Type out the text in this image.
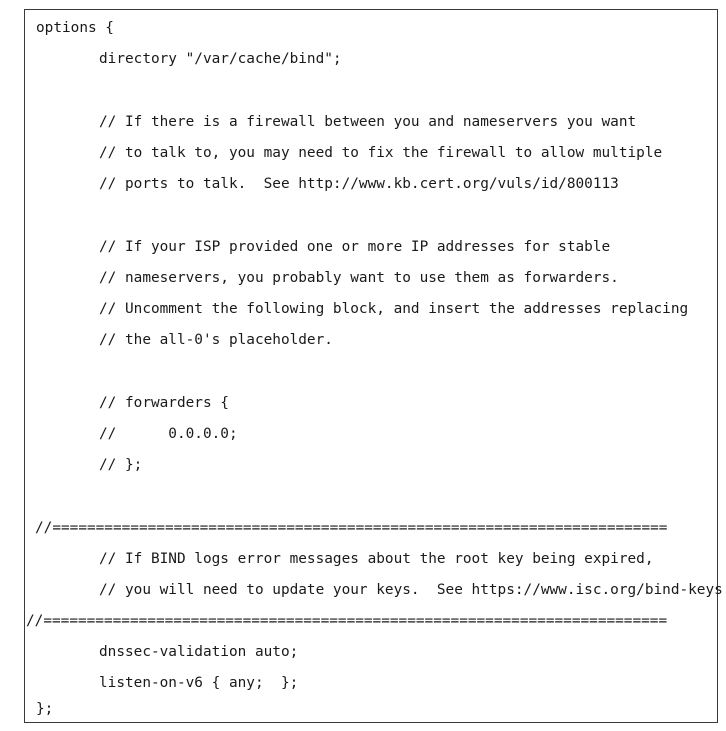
options {
directory "/var/cache/bind";
// If there is a firewall between you and nameservers you want
// to talk to, you may need to fix the firewall to allow multiple
// ports to talk.  See http://www.kb.cert.org/vuls/id/800113
// If your ISP provided one or more IP addresses for stable
// nameservers, you probably want to use them as forwarders.
// Uncomment the following block, and insert the addresses replacing
// the all-0's placeholder.
// forwarders {
//      0.0.0.0;
// };
//=======================================================================
// If BIND logs error messages about the root key being expired,
// you will need to update your keys.  See https://www.isc.org/bind-keys
//========================================================================
dnssec-validation auto;
listen-on-v6 { any;  };
};
